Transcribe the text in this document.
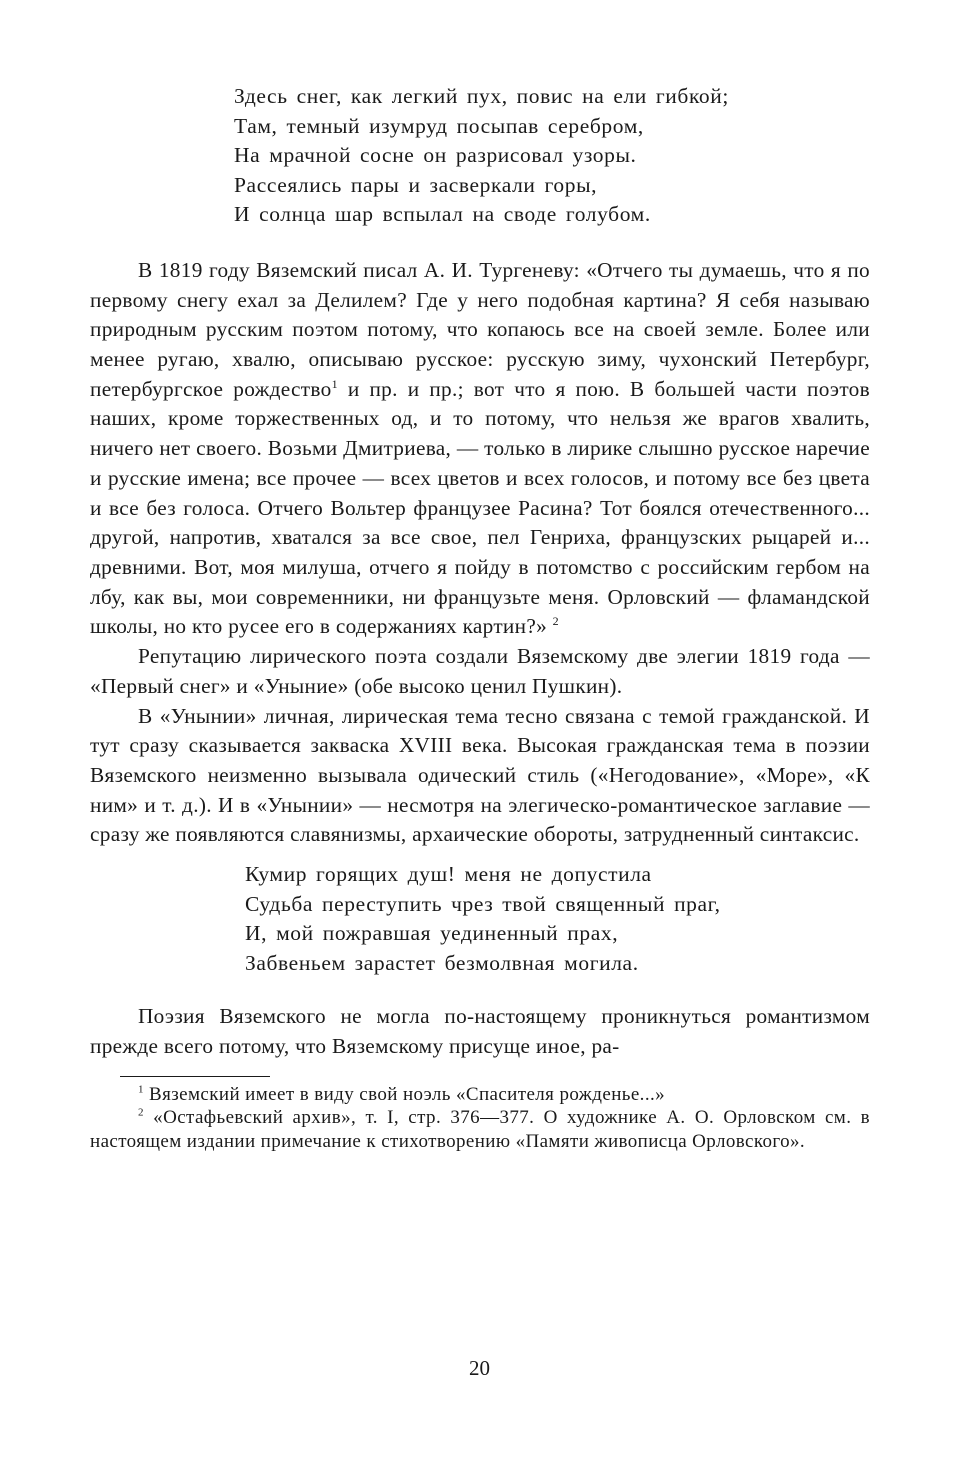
Здесь снег, как легкий пух, повис на ели гибкой;
Там, темный изумруд посыпав серебром,
На мрачной сосне он разрисовал узоры.
Рассеялись пары и засверкали горы,
И солнца шар вспылал на своде голубом.

В 1819 году Вяземский писал А. И. Тургеневу: «Отчего ты думаешь, что я по первому снегу ехал за Делилем? Где у него подобная картина? Я себя называю природным русским поэтом потому, что копаюсь все на своей земле. Более или менее ругаю, хвалю, описываю русское: русскую зиму, чухонский Петербург, петербургское рождество$^1$ и пр. и пр.; вот что я пою. В большей части поэтов наших, кроме торжественных од, и то потому, что нельзя же врагов хвалить, ничего нет своего. Возьми Дмитриева, — только в лирике слышно русское наречие и русские имена; все прочее — всех цветов и всех голосов, и потому все без цвета и все без голоса. Отчего Вольтер французее Расина? Тот боялся отечественного... другой, напротив, хватался за все свое, пел Генриха, французских рыцарей и... древними. Вот, моя милуша, отчего я пойду в потомство с российским гербом на лбу, как вы, мои современники, ни французьте меня. Орловский — фламандской школы, но кто русее его в содержаниях картин?» $^2$

Репутацию лирического поэта создали Вяземскому две элегии 1819 года — «Первый снег» и «Уныние» (обе высоко ценил Пушкин).

В «Унынии» личная, лирическая тема тесно связана с темой гражданской. И тут сразу сказывается закваска XVIII века. Высокая гражданская тема в поэзии Вяземского неизменно вызывала одический стиль («Негодование», «Море», «К ним» и т. д.). И в «Унынии» — несмотря на элегическо-романтическое заглавие — сразу же появляются славянизмы, архаические обороты, затрудненный синтаксис.

Кумир горящих душ! меня не допустила
Судьба переступить чрез твой священный праг,
И, мой пожравшая уединенный прах,
Забвеньем зарастет безмолвная могила.

Поэзия Вяземского не могла по-настоящему проникнуться романтизмом прежде всего потому, что Вяземскому присуще иное, ра-

$^1$ Вяземский имеет в виду свой ноэль «Спасителя рожденье...»

$^2$ «Остафьевский архив», т. I, стр. 376—377. О художнике А. О. Орловском см. в настоящем издании примечание к стихотворению «Памяти живописца Орловского».

20
